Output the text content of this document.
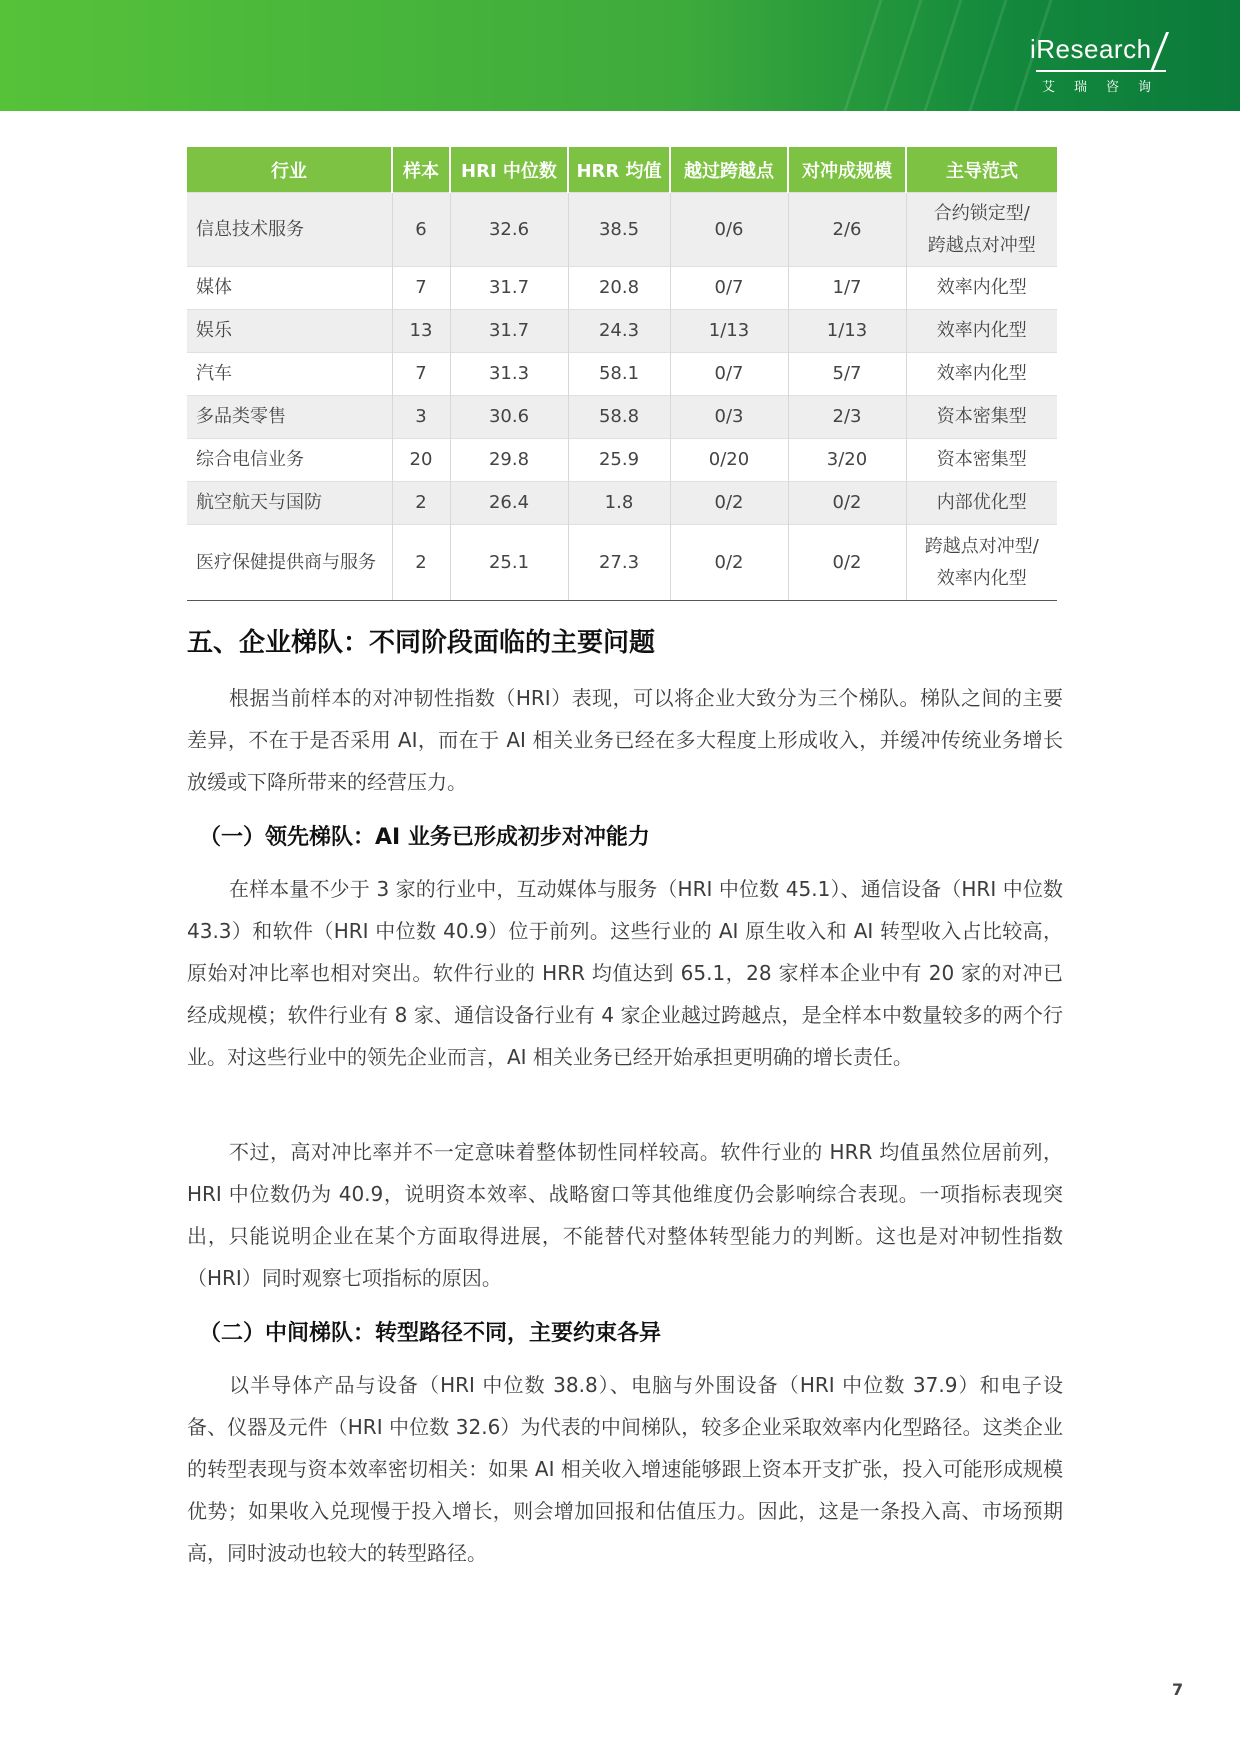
iResearch
艾瑞咨询
行业	样本	HRI 中位数	HRR 均值	越过跨越点	对冲成规模	主导范式
信息技术服务	6	32.6	38.5	0/6	2/6	合约锁定型/
跨越点对冲型

媒体	7	31.7	20.8	0/7	1/7	效率内化型
娱乐	13	31.7	24.3	1/13	1/13	效率内化型
汽车	7	31.3	58.1	0/7	5/7	效率内化型
多品类零售	3	30.6	58.8	0/3	2/3	资本密集型
综合电信业务	20	29.8	25.9	0/20	3/20	资本密集型
航空航天与国防	2	26.4	1.8	0/2	0/2	内部优化型
医疗保健提供商与服务	2	25.1	27.3	0/2	0/2	跨越点对冲型/
效率内化型
五、企业梯队：不同阶段面临的主要问题

根据当前样本的对冲韧性指数（HRI）表现，可以将企业大致分为三个梯队。梯队之间的主要差异，不在于是否采用 AI，而在于 AI 相关业务已经在多大程度上形成收入，并缓冲传统业务增长放缓或下降所带来的经营压力。

（一）领先梯队：AI 业务已形成初步对冲能力

在样本量不少于 3 家的行业中，互动媒体与服务（HRI 中位数 45.1）、通信设备（HRI 中位数 43.3）和软件（HRI 中位数 40.9）位于前列。这些行业的 AI 原生收入和 AI 转型收入占比较高，原始对冲比率也相对突出。软件行业的 HRR 均值达到 65.1，28 家样本企业中有 20 家的对冲已经成规模；软件行业有 8 家、通信设备行业有 4 家企业越过跨越点，是全样本中数量较多的两个行业。对这些行业中的领先企业而言，AI 相关业务已经开始承担更明确的增长责任。

不过，高对冲比率并不一定意味着整体韧性同样较高。软件行业的 HRR 均值虽然位居前列，HRI 中位数仍为 40.9，说明资本效率、战略窗口等其他维度仍会影响综合表现。一项指标表现突出，只能说明企业在某个方面取得进展，不能替代对整体转型能力的判断。这也是对冲韧性指数（HRI）同时观察七项指标的原因。

（二）中间梯队：转型路径不同，主要约束各异

以半导体产品与设备（HRI 中位数 38.8）、电脑与外围设备（HRI 中位数 37.9）和电子设备、仪器及元件（HRI 中位数 32.6）为代表的中间梯队，较多企业采取效率内化型路径。这类企业的转型表现与资本效率密切相关：如果 AI 相关收入增速能够跟上资本开支扩张，投入可能形成规模优势；如果收入兑现慢于投入增长，则会增加回报和估值压力。因此，这是一条投入高、市场预期高，同时波动也较大的转型路径。

7
